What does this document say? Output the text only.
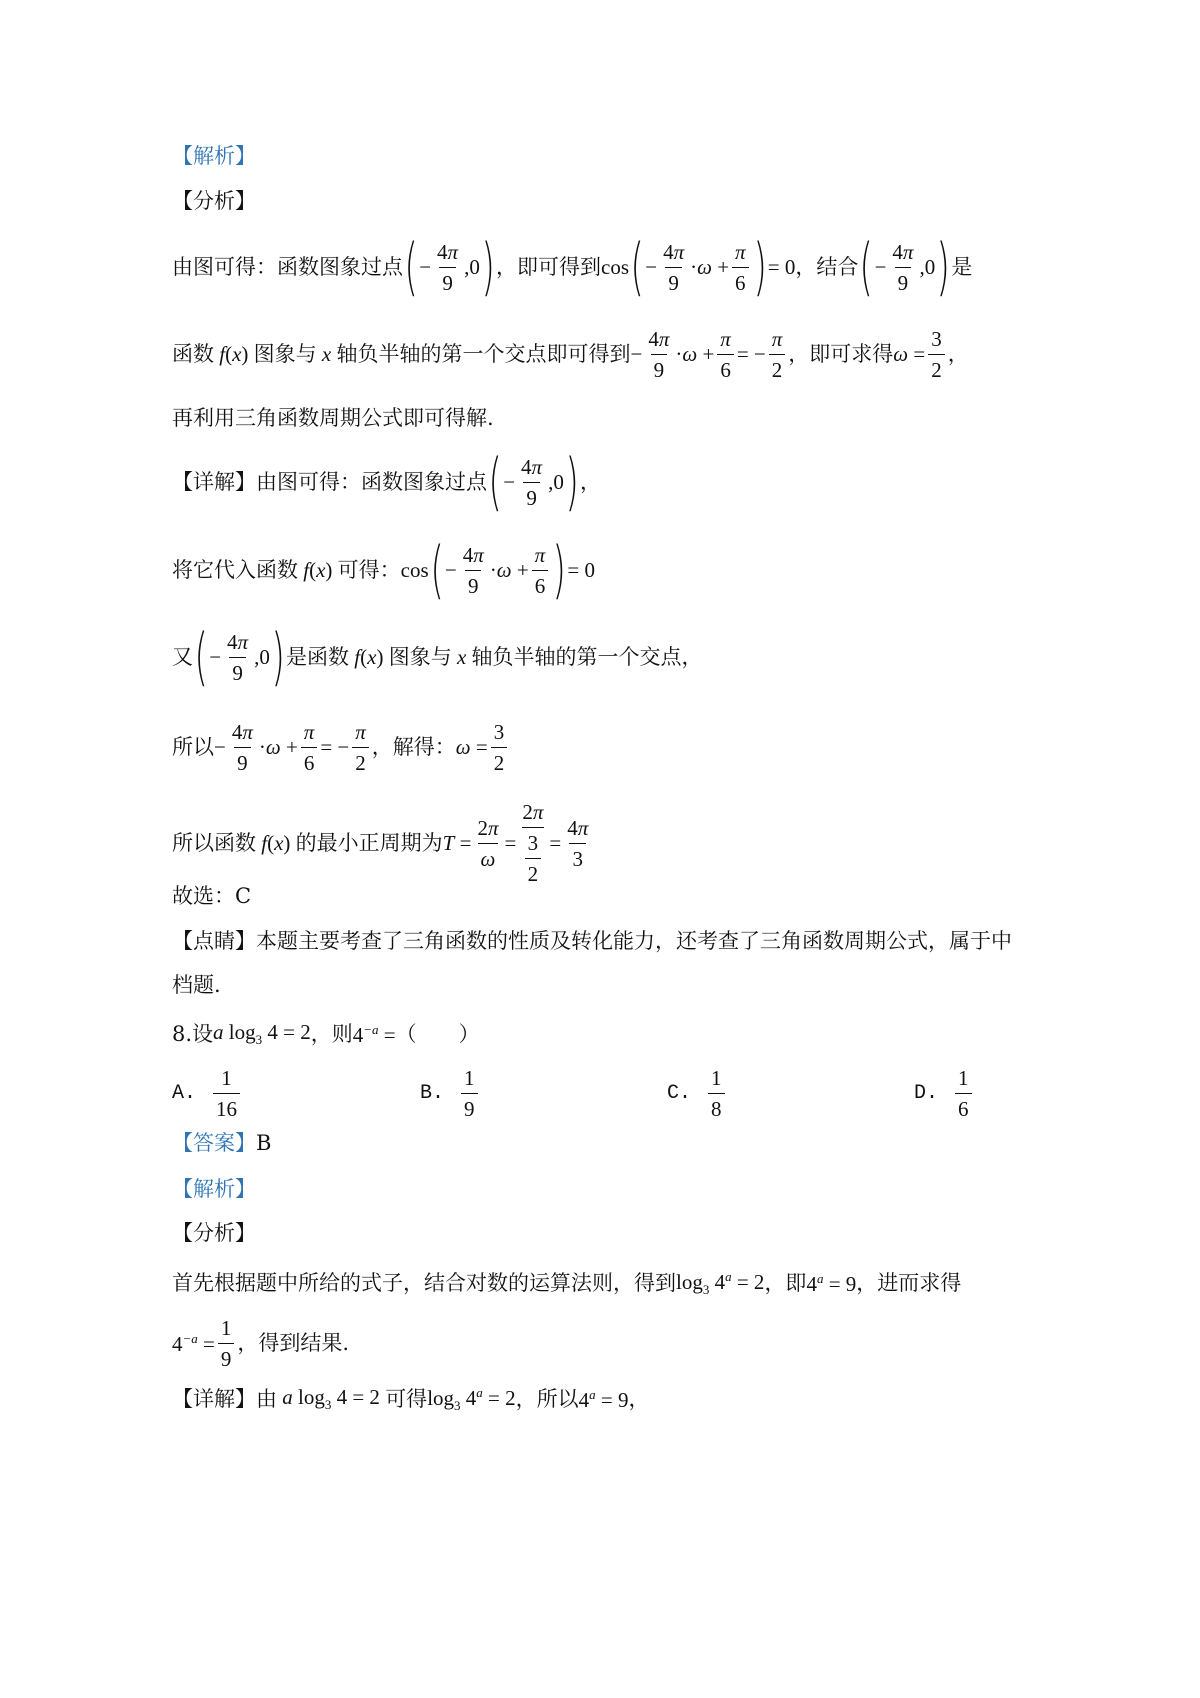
【解析】
【分析】
由图可得：函数图象过点 ( − $\frac{4\pi}{9} ,0$ ) ，即可得到 cos ( − $\frac{4\pi}{9} \cdot\omega + \frac{\pi}{6}$ ) = 0 ，结合 ( − $\frac{4\pi}{9} ,0$ ) 是
函数 f(x) 图象与 x 轴负半轴的第一个交点即可得到 − $\frac{4\pi}{9} \cdot\omega + \frac{\pi}{6}$ = − $\frac{\pi}{2}$ ，即可求得 $\omega = \frac{3}{2}$ ，
再利用三角函数周期公式即可得解.
【详解】 由图可得：函数图象过点 ( − $\frac{4\pi}{9} ,0$ ) ，
将它代入函数 f(x) 可得： cos ( − $\frac{4\pi}{9} \cdot\omega + \frac{\pi}{6}$ ) = 0
又 ( − $\frac{4\pi}{9} ,0$ ) 是函数 f(x) 图象与 x 轴负半轴的第一个交点，
所以 − $\frac{4\pi}{9} \cdot\omega + \frac{\pi}{6}$ = − $\frac{\pi}{2}$ ，解得： $\omega = \frac{3}{2}$
所以函数 f(x) 的最小正周期为 $T = \frac{2\pi}{\omega} = \frac{2\pi}{\frac{3}{2}} = \frac{4\pi}{3}$
故选：C
【点睛】本题主要考查了三角函数的性质及转化能力，还考查了三角函数周期公式，属于中
档题.
8.设 a $\log_3 4 = 2$ ，则 $4^{-a}$ = （　　）
A. $\frac{1}{16}$	B. $\frac{1}{9}$	C. $\frac{1}{8}$	D. $\frac{1}{6}$
【答案】B
【解析】
【分析】
首先根据题中所给的式子，结合对数的运算法则，得到 $\log_3 4^a = 2$ ，即 $4^a = 9$ ，进而求得
$4^{-a} = \frac{1}{9}$ ，得到结果.
【详解】 由 a $\log_3 4 = 2$ 可得 $\log_3 4^a = 2$ ，所以 $4^a = 9$ ，
